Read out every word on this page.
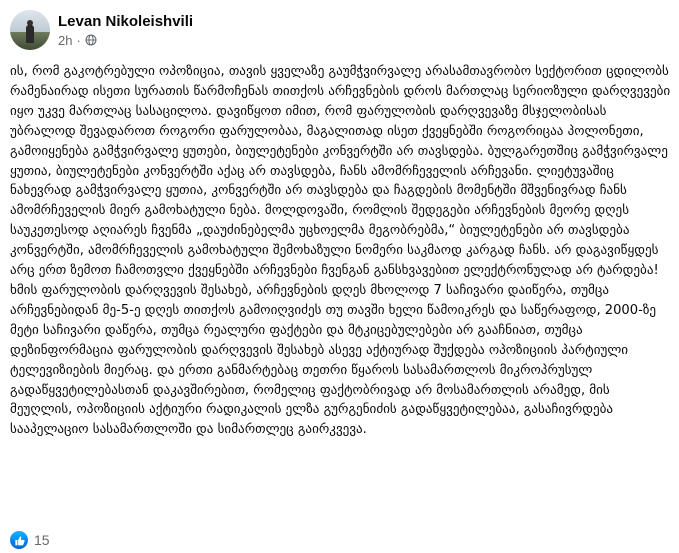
Levan Nikoleishvili
2h ·
ის, რომ გაკოტრებული ოპოზიცია, თავის ყველაზე გაუმჭვირვალე არასამთავრობო სექტორით ცდილობს რამენაირად ისეთი სურათის წარმოჩენას თითქოს არჩევნების დროს მართლაც სერიოზული დარღვევები იყო უკვე მართლაც სასაცილოა. დავიწყოთ იმით, რომ ფარულობის დარღვევაზე მსჯელობისას უბრალოდ შევადაროთ როგორი ფარულობაა, მაგალითად ისეთ ქვეყნებში როგორიცაა პოლონეთი, გამოიყენება გამჭვირვალე ყუთები, ბიულეტენები კონვერტში არ თავსდება. ბულგარეთშიც გამჭვირვალე ყუთია, ბიულეტენები კონვერტში აქაც არ თავსდება, ჩანს ამომრჩეველის არჩევანი. ლიეტუვაშიც ნახევრად გამჭვირვალე ყუთია, კონვერტში არ თავსდება და ჩაგდების მომენტში მშვენივრად ჩანს ამომრჩეველის მიერ გამოხატული ნება. მოლდოვაში, რომლის შედეგები არჩევნების მეორე დღეს საუკეთესოდ აღიარეს ჩვენმა „დაუძინებელმა უცხოელმა მეგობრებმა,“ ბიულეტენები არ თავსდება კონვერტში, ამომრჩეველის გამოხატული შემოხაზული ნომერი საკმაოდ კარგად ჩანს. არ დაგავიწყდეს არც ერთ ზემოთ ჩამოთვლი ქვეყნებში არჩევნები ჩვენგან განსხვავებით ელექტრონულად არ ტარდება! ხმის ფარულობის დარღვევის შესახებ, არჩევნების დღეს მხოლოდ 7 საჩივარი დაიწერა, თუმცა არჩევნებიდან მე-5-ე დღეს თითქოს გამოიღვიძეს თუ თავში ხელი წამოიკრეს და საწერაფოდ, 2000-ზე მეტი საჩივარი დაწერა, თუმცა რეალური ფაქტები და მტკიცებულებები არ გააჩნიათ, თუმცა დეზინფორმაცია ფარულობის დარღვევის შესახებ ასევე აქტიურად შუქდება ოპოზიციის პარტიული ტელევიზიების მიერაც. და ერთი განმარტებაც თეთრი წყაროს სასამართლოს მიკროპრუსულ გადაწყვეტილებასთან დაკავშირებით, რომელიც ფაქტობრივად არ მოსამართლის არამედ, მის მეუღლის, ოპოზიციის აქტიური რადიკალის ელზა გურგენიძის გადაწყვეტილებაა, გასაჩივრდება სააპელაციო სასამართლოში და სიმართლეც გაირკვევა.
15
